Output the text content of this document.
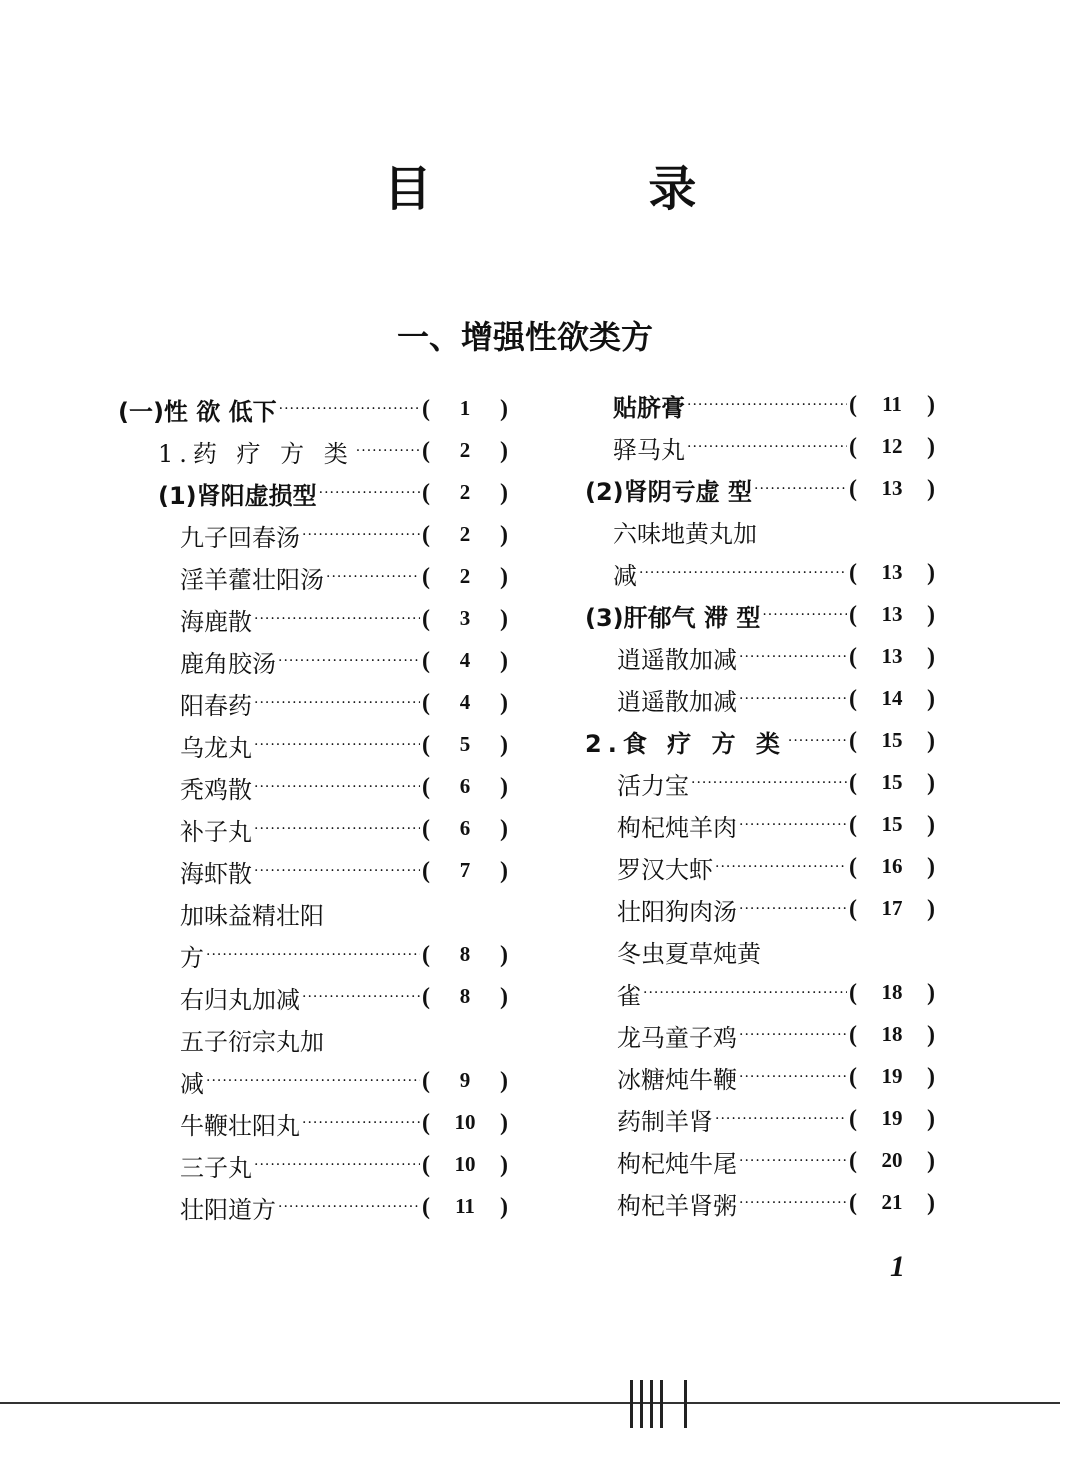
目 录
一、增强性欲类方
(一)性 欲 低下 ·····	( 1 )
1.药 疗 方 类 ·····	( 2 )
(1)肾阳虚损型 ·····	( 2 )
九子回春汤 ·····	( 2 )
淫羊藿壮阳汤 ·····	( 2 )
海鹿散 ·····	( 3 )
鹿角胶汤 ·····	( 4 )
阳春药 ·····	( 4 )
乌龙丸 ·····	( 5 )
秃鸡散 ·····	( 6 )
补子丸 ·····	( 6 )
海虾散 ·····	( 7 )
加味益精壮阳
方 ·····	( 8 )
右归丸加减 ·····	( 8 )
五子衍宗丸加
减 ·····	( 9 )
牛鞭壮阳丸 ·····	( 10 )
三子丸 ·····	( 10 )
壮阳道方 ·····	( 11 )
贴脐膏 ·····	( 11 )
驿马丸 ·····	( 12 )
(2)肾阴亏虚 型 ·····	( 13 )
六味地黄丸加
减 ·····	( 13 )
(3)肝郁气 滞 型 ·····	( 13 )
逍遥散加减 ·····	( 13 )
逍遥散加减 ·····	( 14 )
2.食 疗 方 类 ·····	( 15 )
活力宝 ·····	( 15 )
枸杞炖羊肉 ·····	( 15 )
罗汉大虾 ·····	( 16 )
壮阳狗肉汤 ·····	( 17 )
冬虫夏草炖黄
雀 ·····	( 18 )
龙马童子鸡 ·····	( 18 )
冰糖炖牛鞭 ·····	( 19 )
药制羊肾 ·····	( 19 )
枸杞炖牛尾 ·····	( 20 )
枸杞羊肾粥 ·····	( 21 )
1
